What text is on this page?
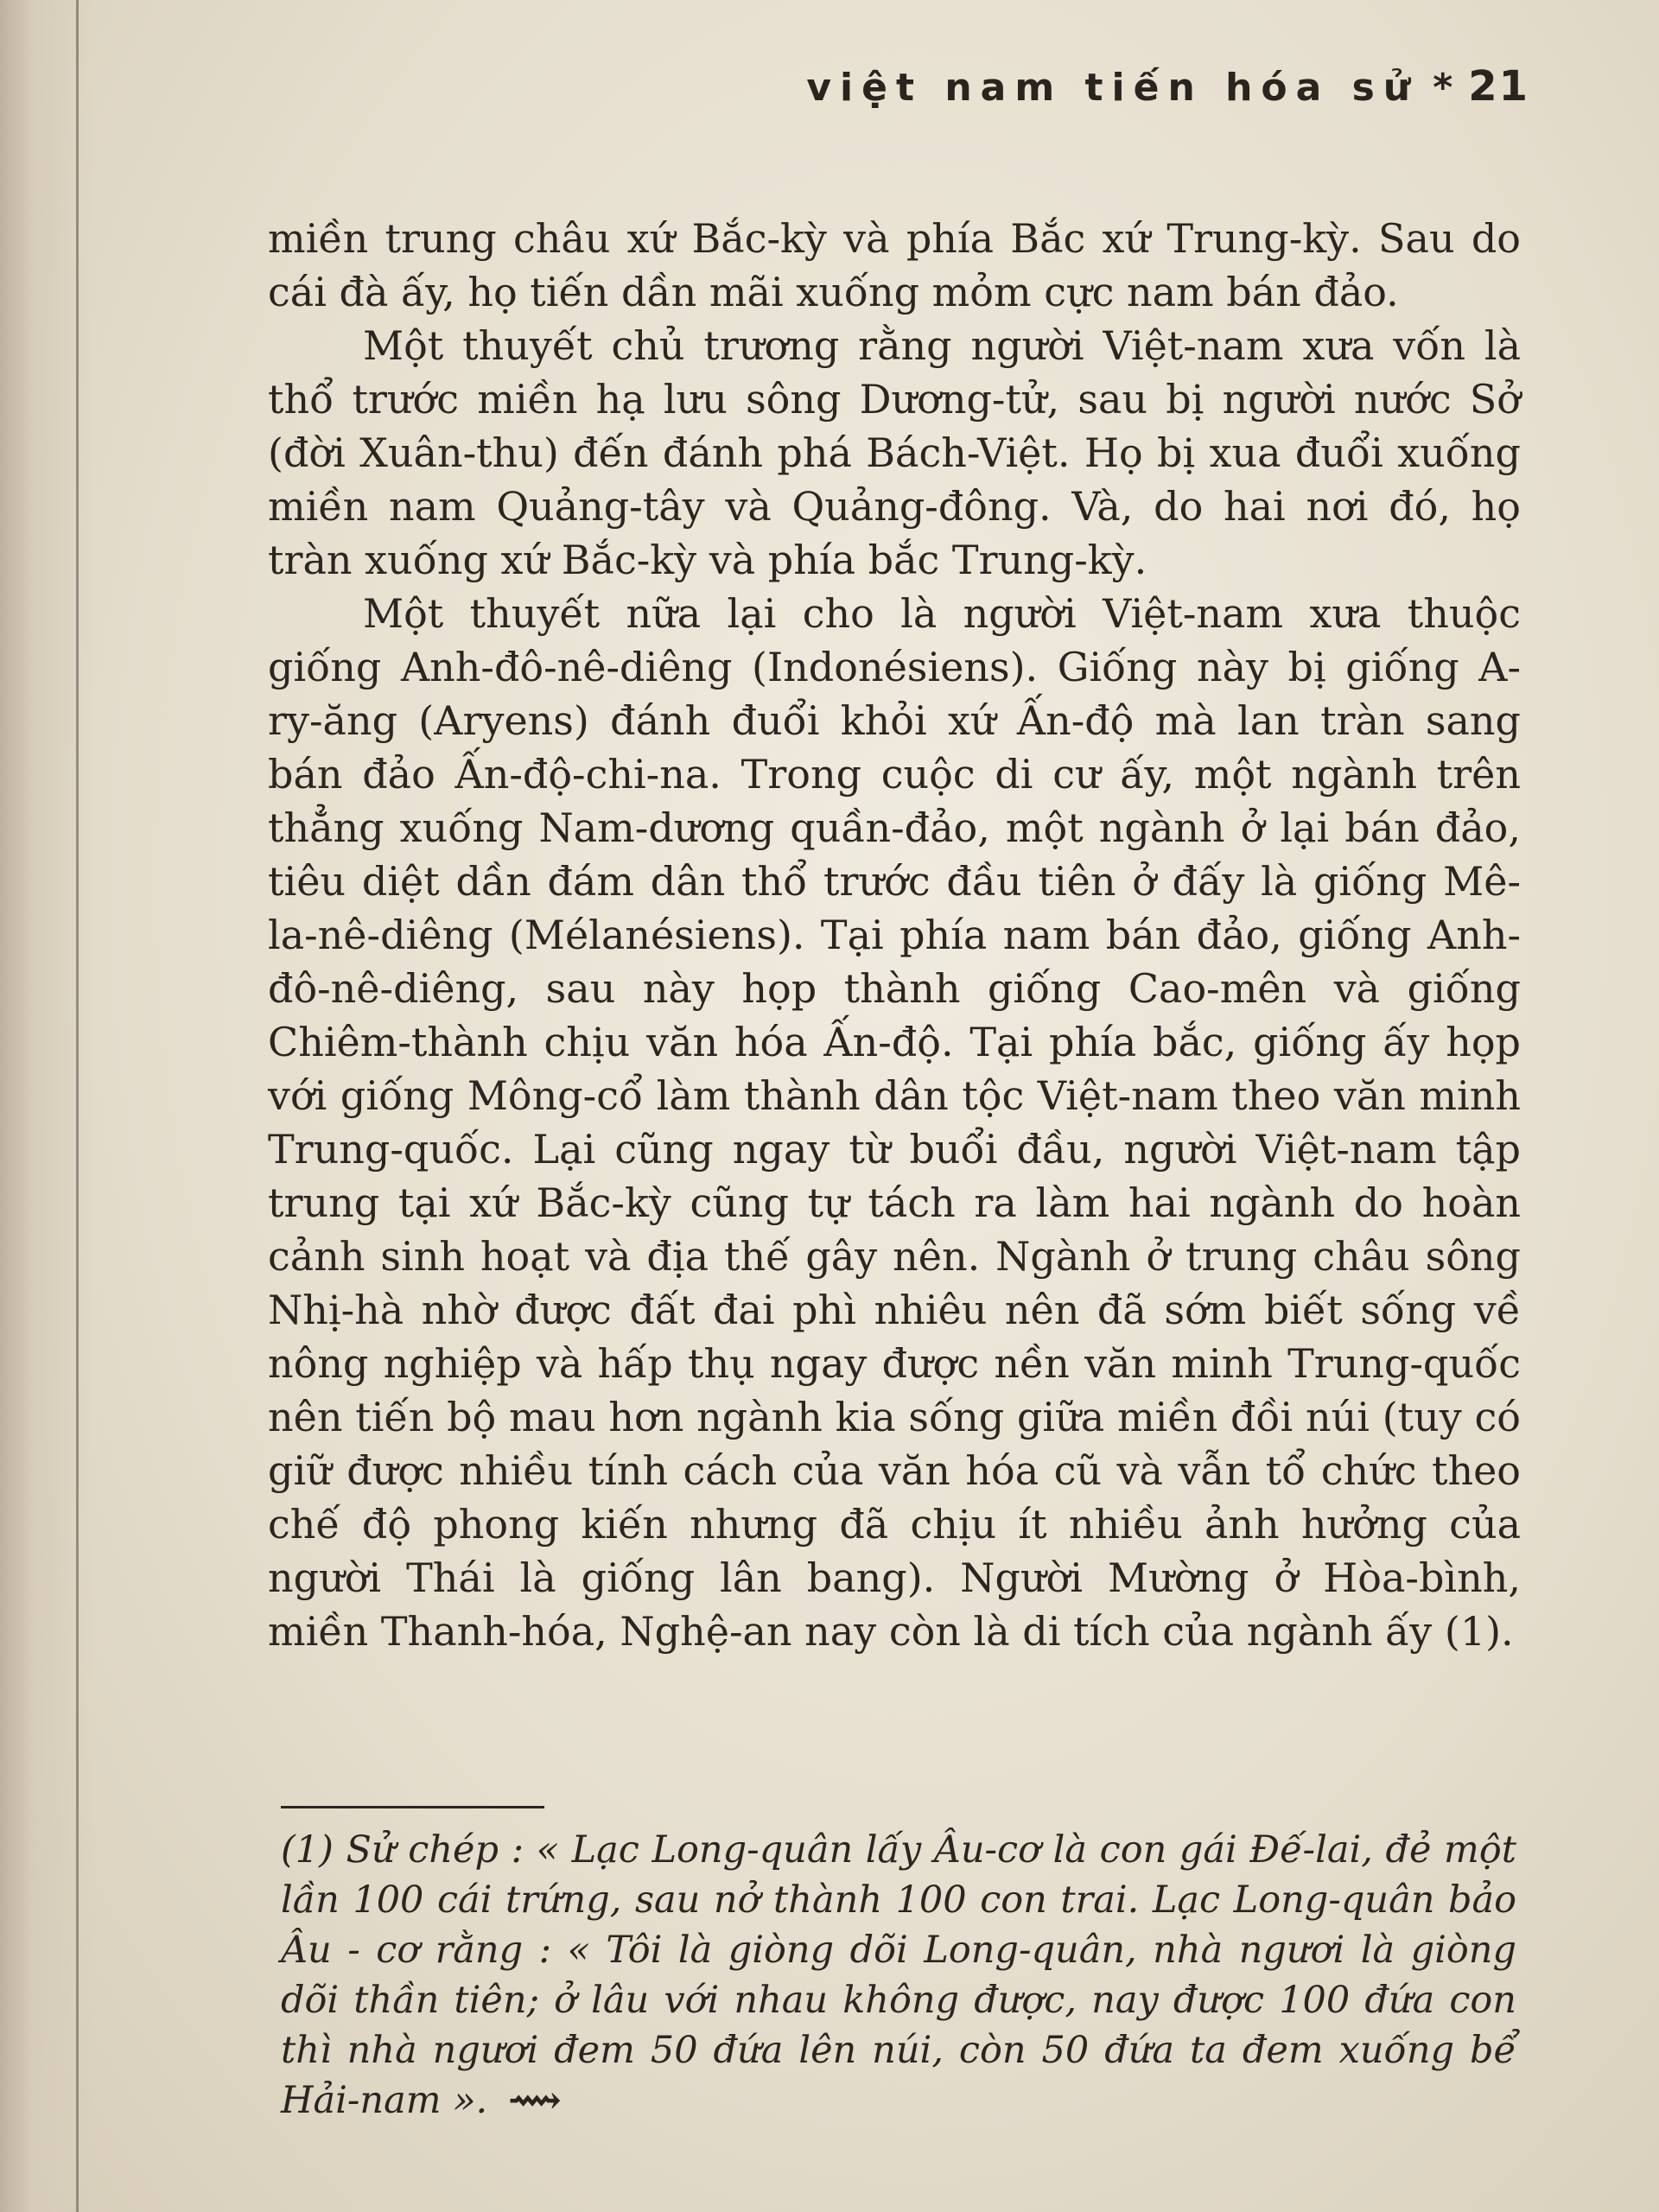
việt nam tiến hóa sử * 21

miền trung châu xứ Bắc-kỳ và phía Bắc xứ Trung-kỳ. Sau do cái đà ấy, họ tiến dần mãi xuống mỏm cực nam bán đảo.

Một thuyết chủ trương rằng người Việt-nam xưa vốn là thổ trước miền hạ lưu sông Dương-tử, sau bị người nước Sở (đời Xuân-thu) đến đánh phá Bách-Việt. Họ bị xua đuổi xuống miền nam Quảng-tây và Quảng-đông. Và, do hai nơi đó, họ tràn xuống xứ Bắc-kỳ và phía bắc Trung-kỳ.

Một thuyết nữa lại cho là người Việt-nam xưa thuộc giống Anh-đô-nê-diêng (Indonésiens). Giống này bị giống A-ry-ăng (Aryens) đánh đuổi khỏi xứ Ấn-độ mà lan tràn sang bán đảo Ấn-độ-chi-na. Trong cuộc di cư ấy, một ngành trên thẳng xuống Nam-dương quần-đảo, một ngành ở lại bán đảo, tiêu diệt dần đám dân thổ trước đầu tiên ở đấy là giống Mê-la-nê-diêng (Mélanésiens). Tại phía nam bán đảo, giống Anh-đô-nê-diêng, sau này họp thành giống Cao-mên và giống Chiêm-thành chịu văn hóa Ấn-độ. Tại phía bắc, giống ấy họp với giống Mông-cổ làm thành dân tộc Việt-nam theo văn minh Trung-quốc. Lại cũng ngay từ buổi đầu, người Việt-nam tập trung tại xứ Bắc-kỳ cũng tự tách ra làm hai ngành do hoàn cảnh sinh hoạt và địa thế gây nên. Ngành ở trung châu sông Nhị-hà nhờ được đất đai phì nhiêu nên đã sớm biết sống về nông nghiệp và hấp thụ ngay được nền văn minh Trung-quốc nên tiến bộ mau hơn ngành kia sống giữa miền đồi núi (tuy có giữ được nhiều tính cách của văn hóa cũ và vẫn tổ chức theo chế độ phong kiến nhưng đã chịu ít nhiều ảnh hưởng của người Thái là giống lân bang). Người Mường ở Hòa-bình, miền Thanh-hóa, Nghệ-an nay còn là di tích của ngành ấy (1).

(1) Sử chép : « Lạc Long-quân lấy Âu-cơ là con gái Đế-lai, đẻ một lần 100 cái trứng, sau nở thành 100 con trai. Lạc Long-quân bảo Âu - cơ rằng : « Tôi là giòng dõi Long-quân, nhà ngươi là giòng dõi thần tiên; ở lâu với nhau không được, nay được 100 đứa con thì nhà ngươi đem 50 đứa lên núi, còn 50 đứa ta đem xuống bể Hải-nam ». ⟿
